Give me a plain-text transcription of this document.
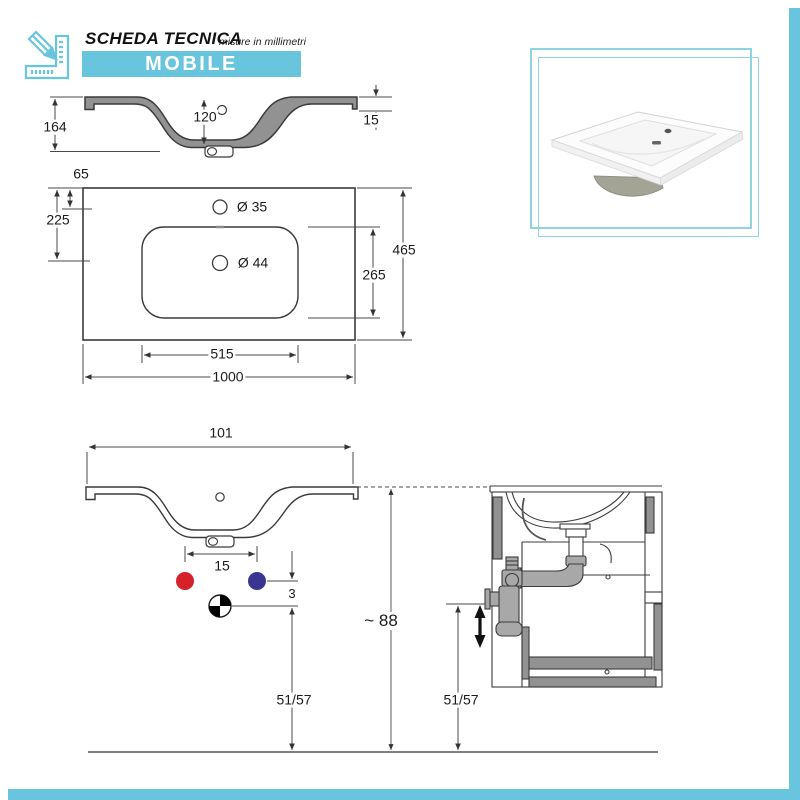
SCHEDA TECNICA
misure in millimetri
MOBILE
164
120	15
65
225
Ø 35
Ø 44
265
465
515
1000
101
15
3
51/57
~ 88
51/57
